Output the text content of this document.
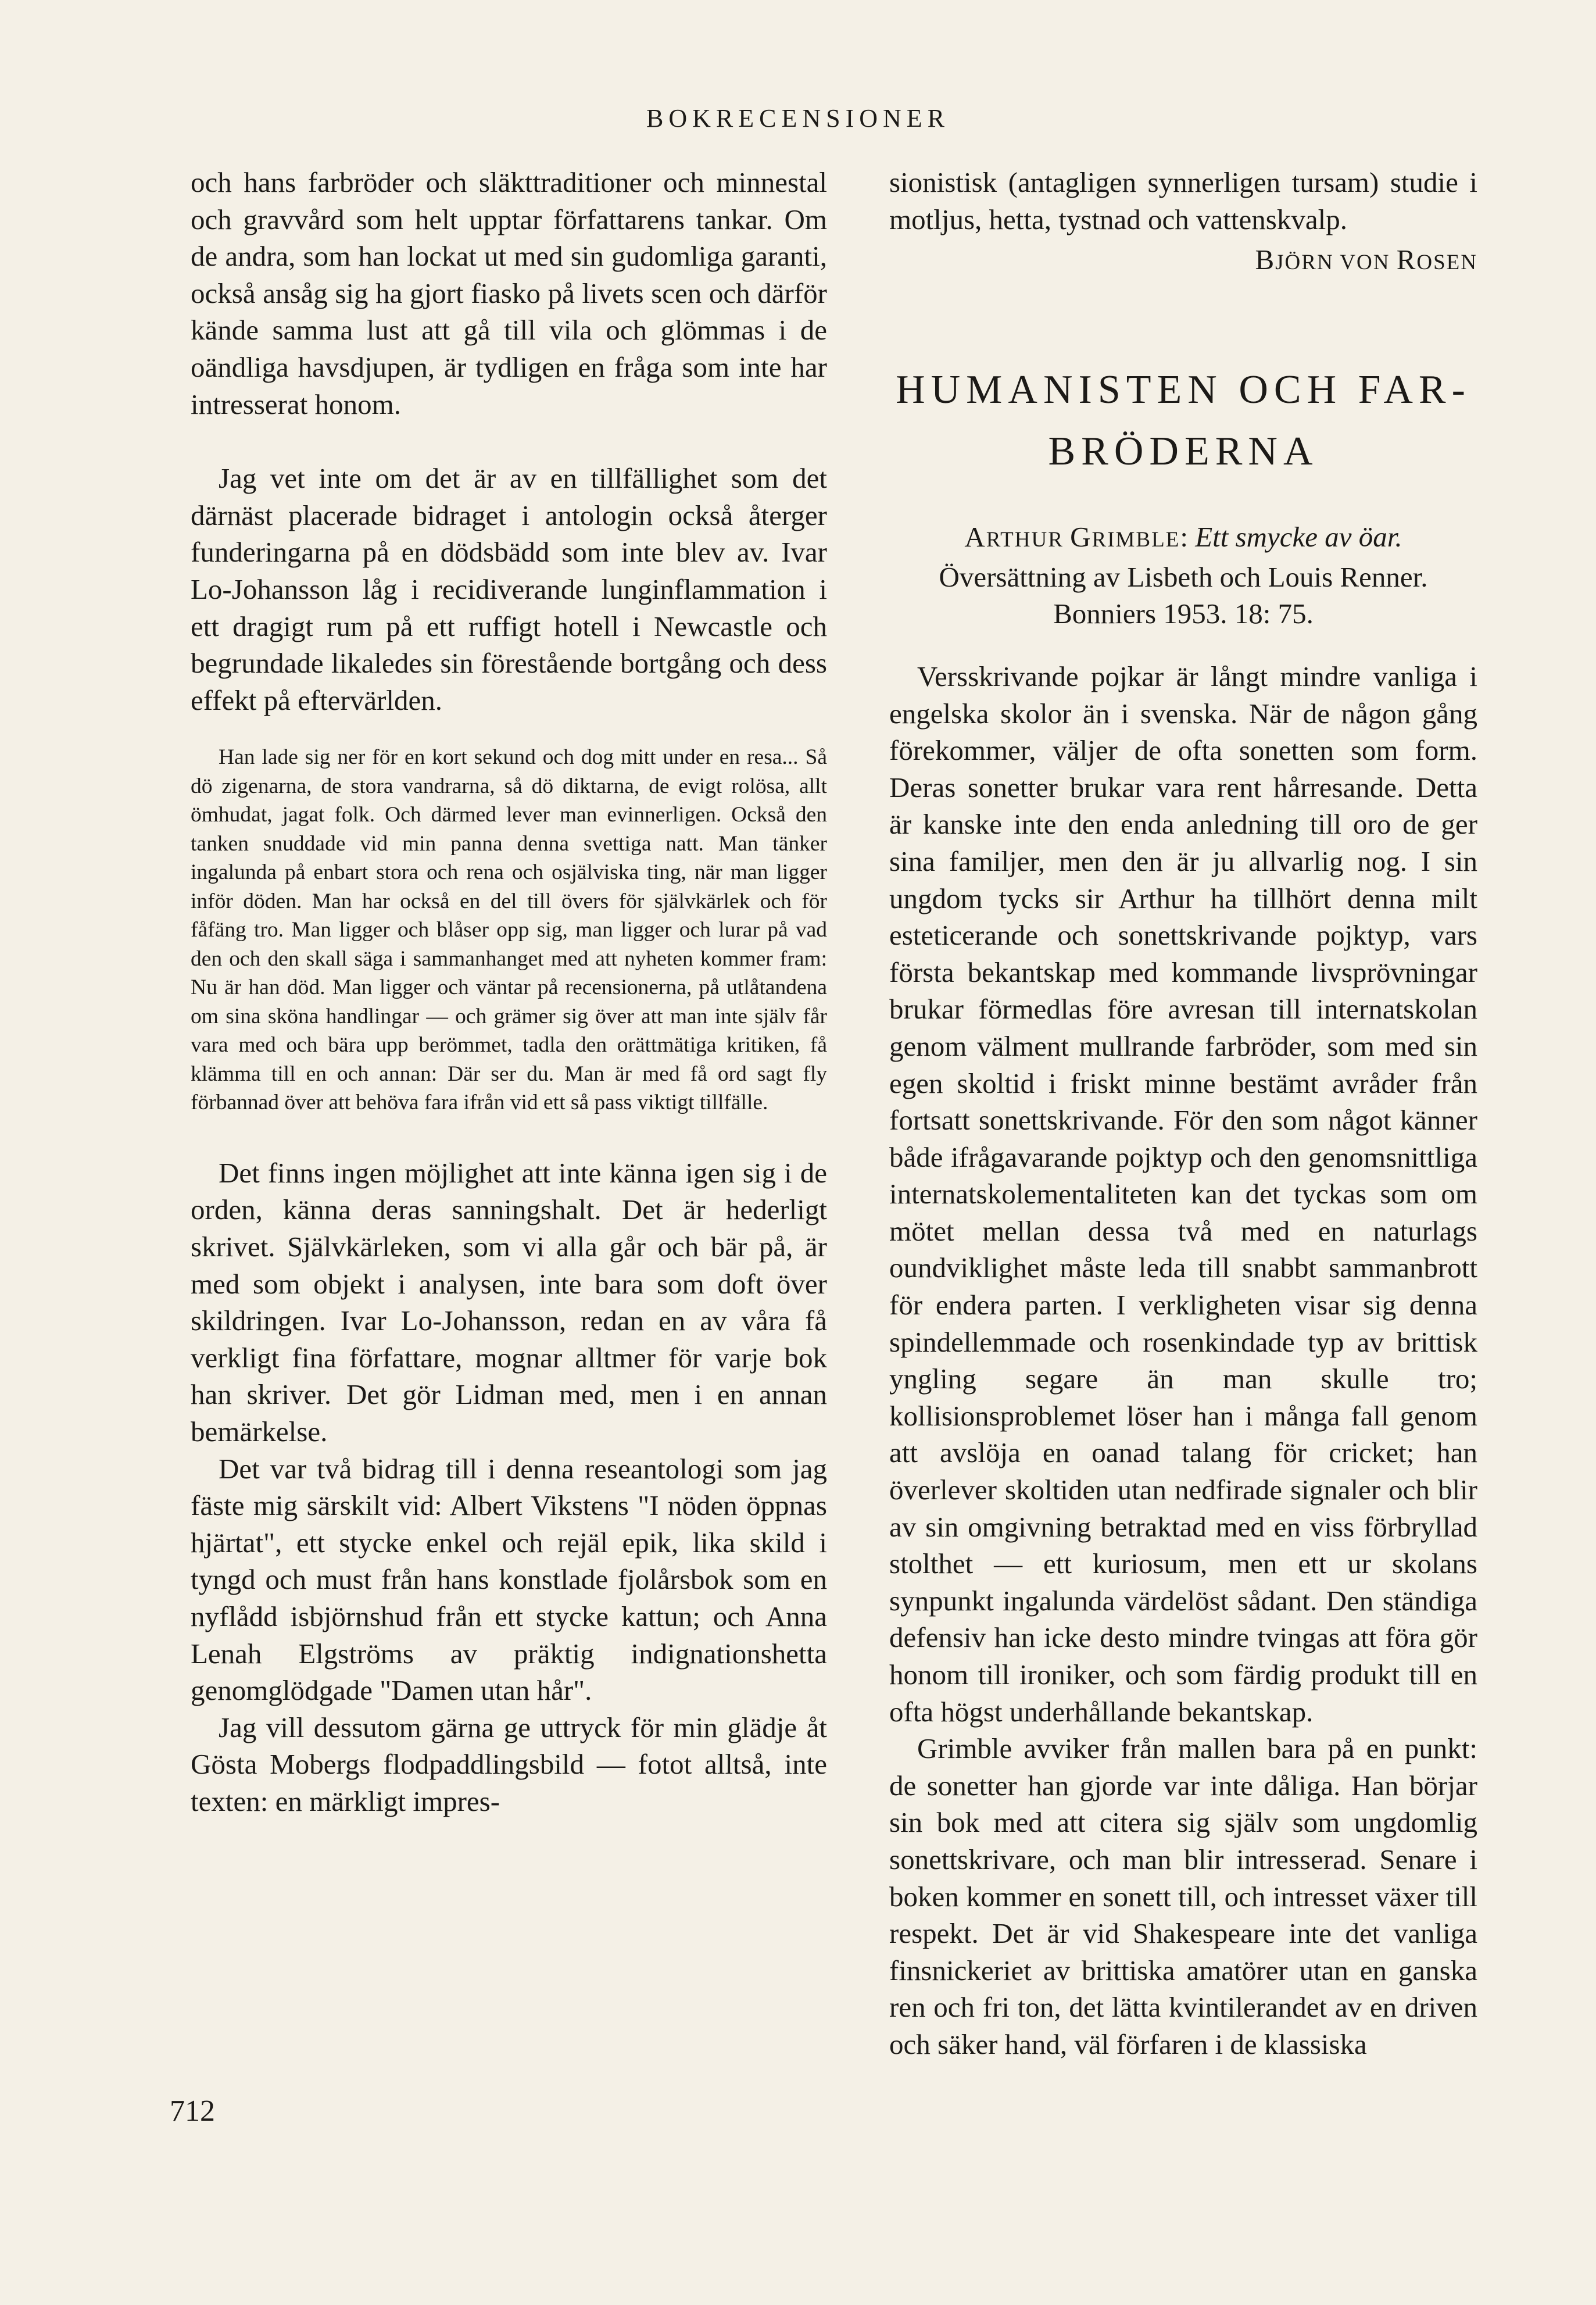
BOKRECENSIONER

och hans farbröder och släkttraditioner och minnestal och gravvård som helt upptar författarens tankar. Om de andra, som han lockat ut med sin gudomliga garanti, också ansåg sig ha gjort fiasko på livets scen och därför kände samma lust att gå till vila och glömmas i de oändliga havsdjupen, är tydligen en fråga som inte har intresserat honom.

Jag vet inte om det är av en tillfällighet som det därnäst placerade bidraget i antologin också återger funderingarna på en dödsbädd som inte blev av. Ivar Lo-Johansson låg i recidiverande lunginflammation i ett dragigt rum på ett ruffigt hotell i Newcastle och begrundade likaledes sin förestående bortgång och dess effekt på eftervärlden.

Han lade sig ner för en kort sekund och dog mitt under en resa... Så dö zigenarna, de stora vandrarna, så dö diktarna, de evigt rolösa, allt ömhudat, jagat folk. Och därmed lever man evinnerligen. Också den tanken snuddade vid min panna denna svettiga natt. Man tänker ingalunda på enbart stora och rena och osjälviska ting, när man ligger inför döden. Man har också en del till övers för självkärlek och för fåfäng tro. Man ligger och blåser opp sig, man ligger och lurar på vad den och den skall säga i sammanhanget med att nyheten kommer fram: Nu är han död. Man ligger och väntar på recensionerna, på utlåtandena om sina sköna handlingar — och grämer sig över att man inte själv får vara med och bära upp berömmet, tadla den orättmätiga kritiken, få klämma till en och annan: Där ser du. Man är med få ord sagt fly förbannad över att behöva fara ifrån vid ett så pass viktigt tillfälle.

Det finns ingen möjlighet att inte känna igen sig i de orden, känna deras sanningshalt. Det är hederligt skrivet. Självkärleken, som vi alla går och bär på, är med som objekt i analysen, inte bara som doft över skildringen. Ivar Lo-Johansson, redan en av våra få verkligt fina författare, mognar alltmer för varje bok han skriver. Det gör Lidman med, men i en annan bemärkelse.

Det var två bidrag till i denna reseantologi som jag fäste mig särskilt vid: Albert Vikstens "I nöden öppnas hjärtat", ett stycke enkel och rejäl epik, lika skild i tyngd och must från hans konstlade fjolårsbok som en nyflådd isbjörnshud från ett stycke kattun; och Anna Lenah Elgströms av präktig indignationshetta genomglödgade "Damen utan hår".

Jag vill dessutom gärna ge uttryck för min glädje åt Gösta Mobergs flodpaddlingsbild — fotot alltså, inte texten: en märkligt impres-

sionistisk (antagligen synnerligen tursam) studie i motljus, hetta, tystnad och vattenskvalp.

BJÖRN VON ROSEN
HUMANISTEN OCH FAR-
BRÖDERNA
ARTHUR GRIMBLE: Ett smycke av öar. Översättning av Lisbeth och Louis Renner.
Bonniers 1953. 18: 75.

Versskrivande pojkar är långt mindre vanliga i engelska skolor än i svenska. När de någon gång förekommer, väljer de ofta sonetten som form. Deras sonetter brukar vara rent hårresande. Detta är kanske inte den enda anledning till oro de ger sina familjer, men den är ju allvarlig nog. I sin ungdom tycks sir Arthur ha tillhört denna milt esteticerande och sonettskrivande pojktyp, vars första bekantskap med kommande livsprövningar brukar förmedlas före avresan till internatskolan genom välment mullrande farbröder, som med sin egen skoltid i friskt minne bestämt avråder från fortsatt sonettskrivande. För den som något känner både ifrågavarande pojktyp och den genomsnittliga internatskolementaliteten kan det tyckas som om mötet mellan dessa två med en naturlags oundviklighet måste leda till snabbt sammanbrott för endera parten. I verkligheten visar sig denna spindellemmade och rosenkindade typ av brittisk yngling segare än man skulle tro; kollisionsproblemet löser han i många fall genom att avslöja en oanad talang för cricket; han överlever skoltiden utan nedfirade signaler och blir av sin omgivning betraktad med en viss förbryllad stolthet — ett kuriosum, men ett ur skolans synpunkt ingalunda värdelöst sådant. Den ständiga defensiv han icke desto mindre tvingas att föra gör honom till ironiker, och som färdig produkt till en ofta högst underhållande bekantskap.

Grimble avviker från mallen bara på en punkt: de sonetter han gjorde var inte dåliga. Han börjar sin bok med att citera sig själv som ungdomlig sonettskrivare, och man blir intresserad. Senare i boken kommer en sonett till, och intresset växer till respekt. Det är vid Shakespeare inte det vanliga finsnickeriet av brittiska amatörer utan en ganska ren och fri ton, det lätta kvintilerandet av en driven och säker hand, väl förfaren i de klassiska

712
